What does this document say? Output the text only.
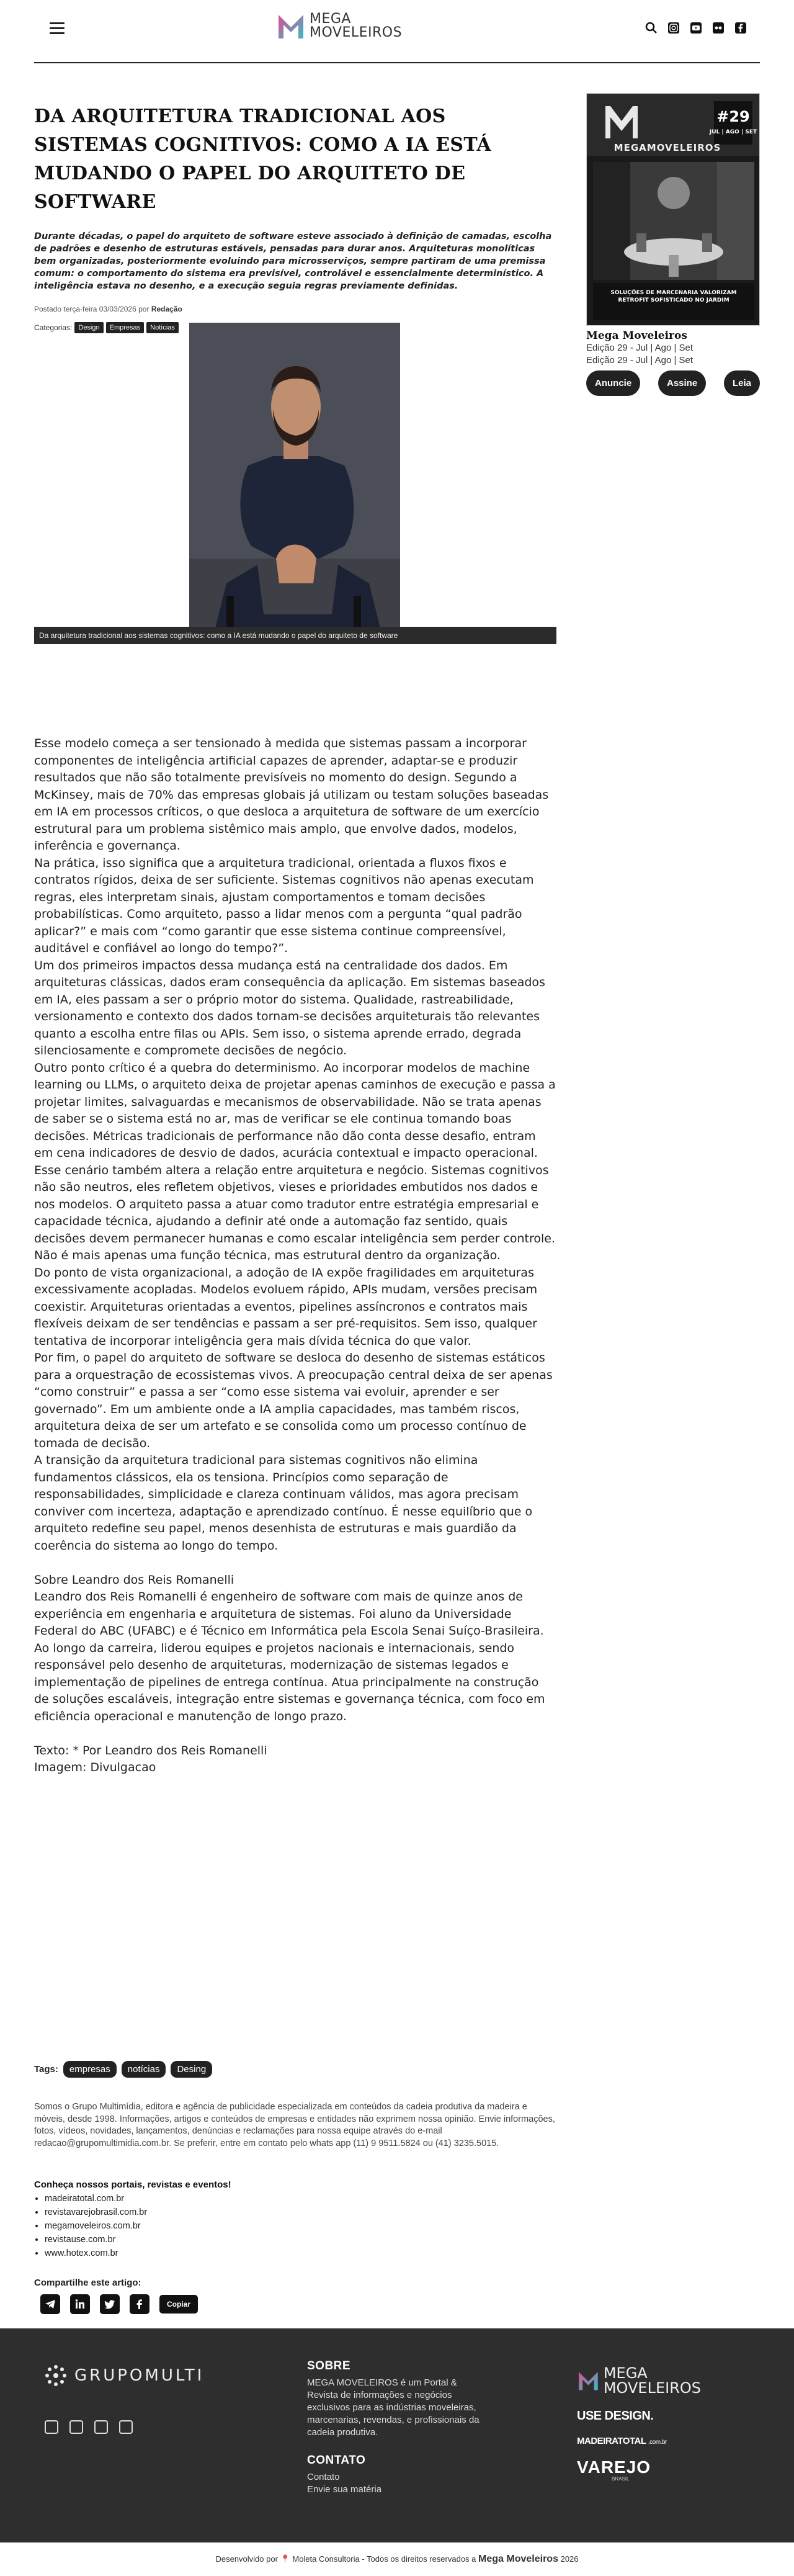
MEGA
MOVELEIROS
DA ARQUITETURA TRADICIONAL AOS SISTEMAS COGNITIVOS: COMO A IA ESTÁ MUDANDO O PAPEL DO ARQUITETO DE SOFTWARE

Durante décadas, o papel do arquiteto de software esteve associado à definição de camadas, escolha de padrões e desenho de estruturas estáveis, pensadas para durar anos. Arquiteturas monolíticas bem organizadas, posteriormente evoluindo para microsserviços, sempre partiram de uma premissa comum: o comportamento do sistema era previsível, controlável e essencialmente determinístico. A inteligência estava no desenho, e a execução seguia regras previamente definidas.

Postado terça-feira 03/03/2026 por Redação
Categorias: Design	Empresas	Notícias
Da arquitetura tradicional aos sistemas cognitivos: como a IA está mudando o papel do arquiteto de software

Esse modelo começa a ser tensionado à medida que sistemas passam a incorporar componentes de inteligência artificial capazes de aprender, adaptar-se e produzir resultados que não são totalmente previsíveis no momento do design. Segundo a McKinsey, mais de 70% das empresas globais já utilizam ou testam soluções baseadas em IA em processos críticos, o que desloca a arquitetura de software de um exercício estrutural para um problema sistêmico mais amplo, que envolve dados, modelos, inferência e governança.

Na prática, isso significa que a arquitetura tradicional, orientada a fluxos fixos e contratos rígidos, deixa de ser suficiente. Sistemas cognitivos não apenas executam regras, eles interpretam sinais, ajustam comportamentos e tomam decisões probabilísticas. Como arquiteto, passo a lidar menos com a pergunta “qual padrão aplicar?” e mais com “como garantir que esse sistema continue compreensível, auditável e confiável ao longo do tempo?”.

Um dos primeiros impactos dessa mudança está na centralidade dos dados. Em arquiteturas clássicas, dados eram consequência da aplicação. Em sistemas baseados em IA, eles passam a ser o próprio motor do sistema. Qualidade, rastreabilidade, versionamento e contexto dos dados tornam-se decisões arquiteturais tão relevantes quanto a escolha entre filas ou APIs. Sem isso, o sistema aprende errado, degrada silenciosamente e compromete decisões de negócio.

Outro ponto crítico é a quebra do determinismo. Ao incorporar modelos de machine learning ou LLMs, o arquiteto deixa de projetar apenas caminhos de execução e passa a projetar limites, salvaguardas e mecanismos de observabilidade. Não se trata apenas de saber se o sistema está no ar, mas de verificar se ele continua tomando boas decisões. Métricas tradicionais de performance não dão conta desse desafio, entram em cena indicadores de desvio de dados, acurácia contextual e impacto operacional.

Esse cenário também altera a relação entre arquitetura e negócio. Sistemas cognitivos não são neutros, eles refletem objetivos, vieses e prioridades embutidos nos dados e nos modelos. O arquiteto passa a atuar como tradutor entre estratégia empresarial e capacidade técnica, ajudando a definir até onde a automação faz sentido, quais decisões devem permanecer humanas e como escalar inteligência sem perder controle. Não é mais apenas uma função técnica, mas estrutural dentro da organização.

Do ponto de vista organizacional, a adoção de IA expõe fragilidades em arquiteturas excessivamente acopladas. Modelos evoluem rápido, APIs mudam, versões precisam coexistir. Arquiteturas orientadas a eventos, pipelines assíncronos e contratos mais flexíveis deixam de ser tendências e passam a ser pré-requisitos. Sem isso, qualquer tentativa de incorporar inteligência gera mais dívida técnica do que valor.

Por fim, o papel do arquiteto de software se desloca do desenho de sistemas estáticos para a orquestração de ecossistemas vivos. A preocupação central deixa de ser apenas “como construir” e passa a ser “como esse sistema vai evoluir, aprender e ser governado”. Em um ambiente onde a IA amplia capacidades, mas também riscos, arquitetura deixa de ser um artefato e se consolida como um processo contínuo de tomada de decisão.

A transição da arquitetura tradicional para sistemas cognitivos não elimina fundamentos clássicos, ela os tensiona. Princípios como separação de responsabilidades, simplicidade e clareza continuam válidos, mas agora precisam conviver com incerteza, adaptação e aprendizado contínuo. É nesse equilíbrio que o arquiteto redefine seu papel, menos desenhista de estruturas e mais guardião da coerência do sistema ao longo do tempo.

Sobre Leandro dos Reis Romanelli

Leandro dos Reis Romanelli é engenheiro de software com mais de quinze anos de experiência em engenharia e arquitetura de sistemas. Foi aluno da Universidade Federal do ABC (UFABC) e é Técnico em Informática pela Escola Senai Suíço-Brasileira.

Ao longo da carreira, liderou equipes e projetos nacionais e internacionais, sendo responsável pelo desenho de arquiteturas, modernização de sistemas legados e implementação de pipelines de entrega contínua. Atua principalmente na construção de soluções escaláveis, integração entre sistemas e governança técnica, com foco em eficiência operacional e manutenção de longo prazo.

Texto: * Por Leandro dos Reis Romanelli

Imagem: Divulgacao

Tags:	empresas	notícias	Desing

Somos o Grupo Multimídia, editora e agência de publicidade especializada em conteúdos da cadeia produtiva da madeira e móveis, desde 1998. Informações, artigos e conteúdos de empresas e entidades não exprimem nossa opinião. Envie informações, fotos, vídeos, novidades, lançamentos, denúncias e reclamações para nossa equipe através do e-mail redacao@grupomultimidia.com.br. Se preferir, entre em contato pelo whats app (11) 9 9511.5824 ou (41) 3235.5015.

Conheça nossos portais, revistas e eventos!
• madeiratotal.com.br
• revistavarejobrasil.com.br
• megamoveleiros.com.br
• revistause.com.br
• www.hotex.com.br
Compartilhe este artigo:
Copiar
#29
JUL | AGO | SET
MEGAMOVELEIROS
SOLUÇÕES DE MARCENARIA VALORIZAM RETROFIT SOFISTICADO NO JARDIM
Mega Moveleiros
Edição 29 - Jul | Ago | Set
Edição 29 - Jul | Ago | Set
Anuncie	Assine	Leia
GRUPOMULTI
SOBRE

MEGA MOVELEIROS é um Portal & Revista de informações e negócios exclusivos para as indústrias moveleiras, marcenarias, revendas, e profissionais da cadeia produtiva.

CONTATO
Contato
Envie sua matéria
MEGA
MOVELEIROS
USE DESIGN.
MADEIRATOTAL .com.br
VAREJO
BRASIL
Desenvolvido por 📍 Moleta Consultoria - Todos os direitos reservados a Mega Moveleiros 2026
